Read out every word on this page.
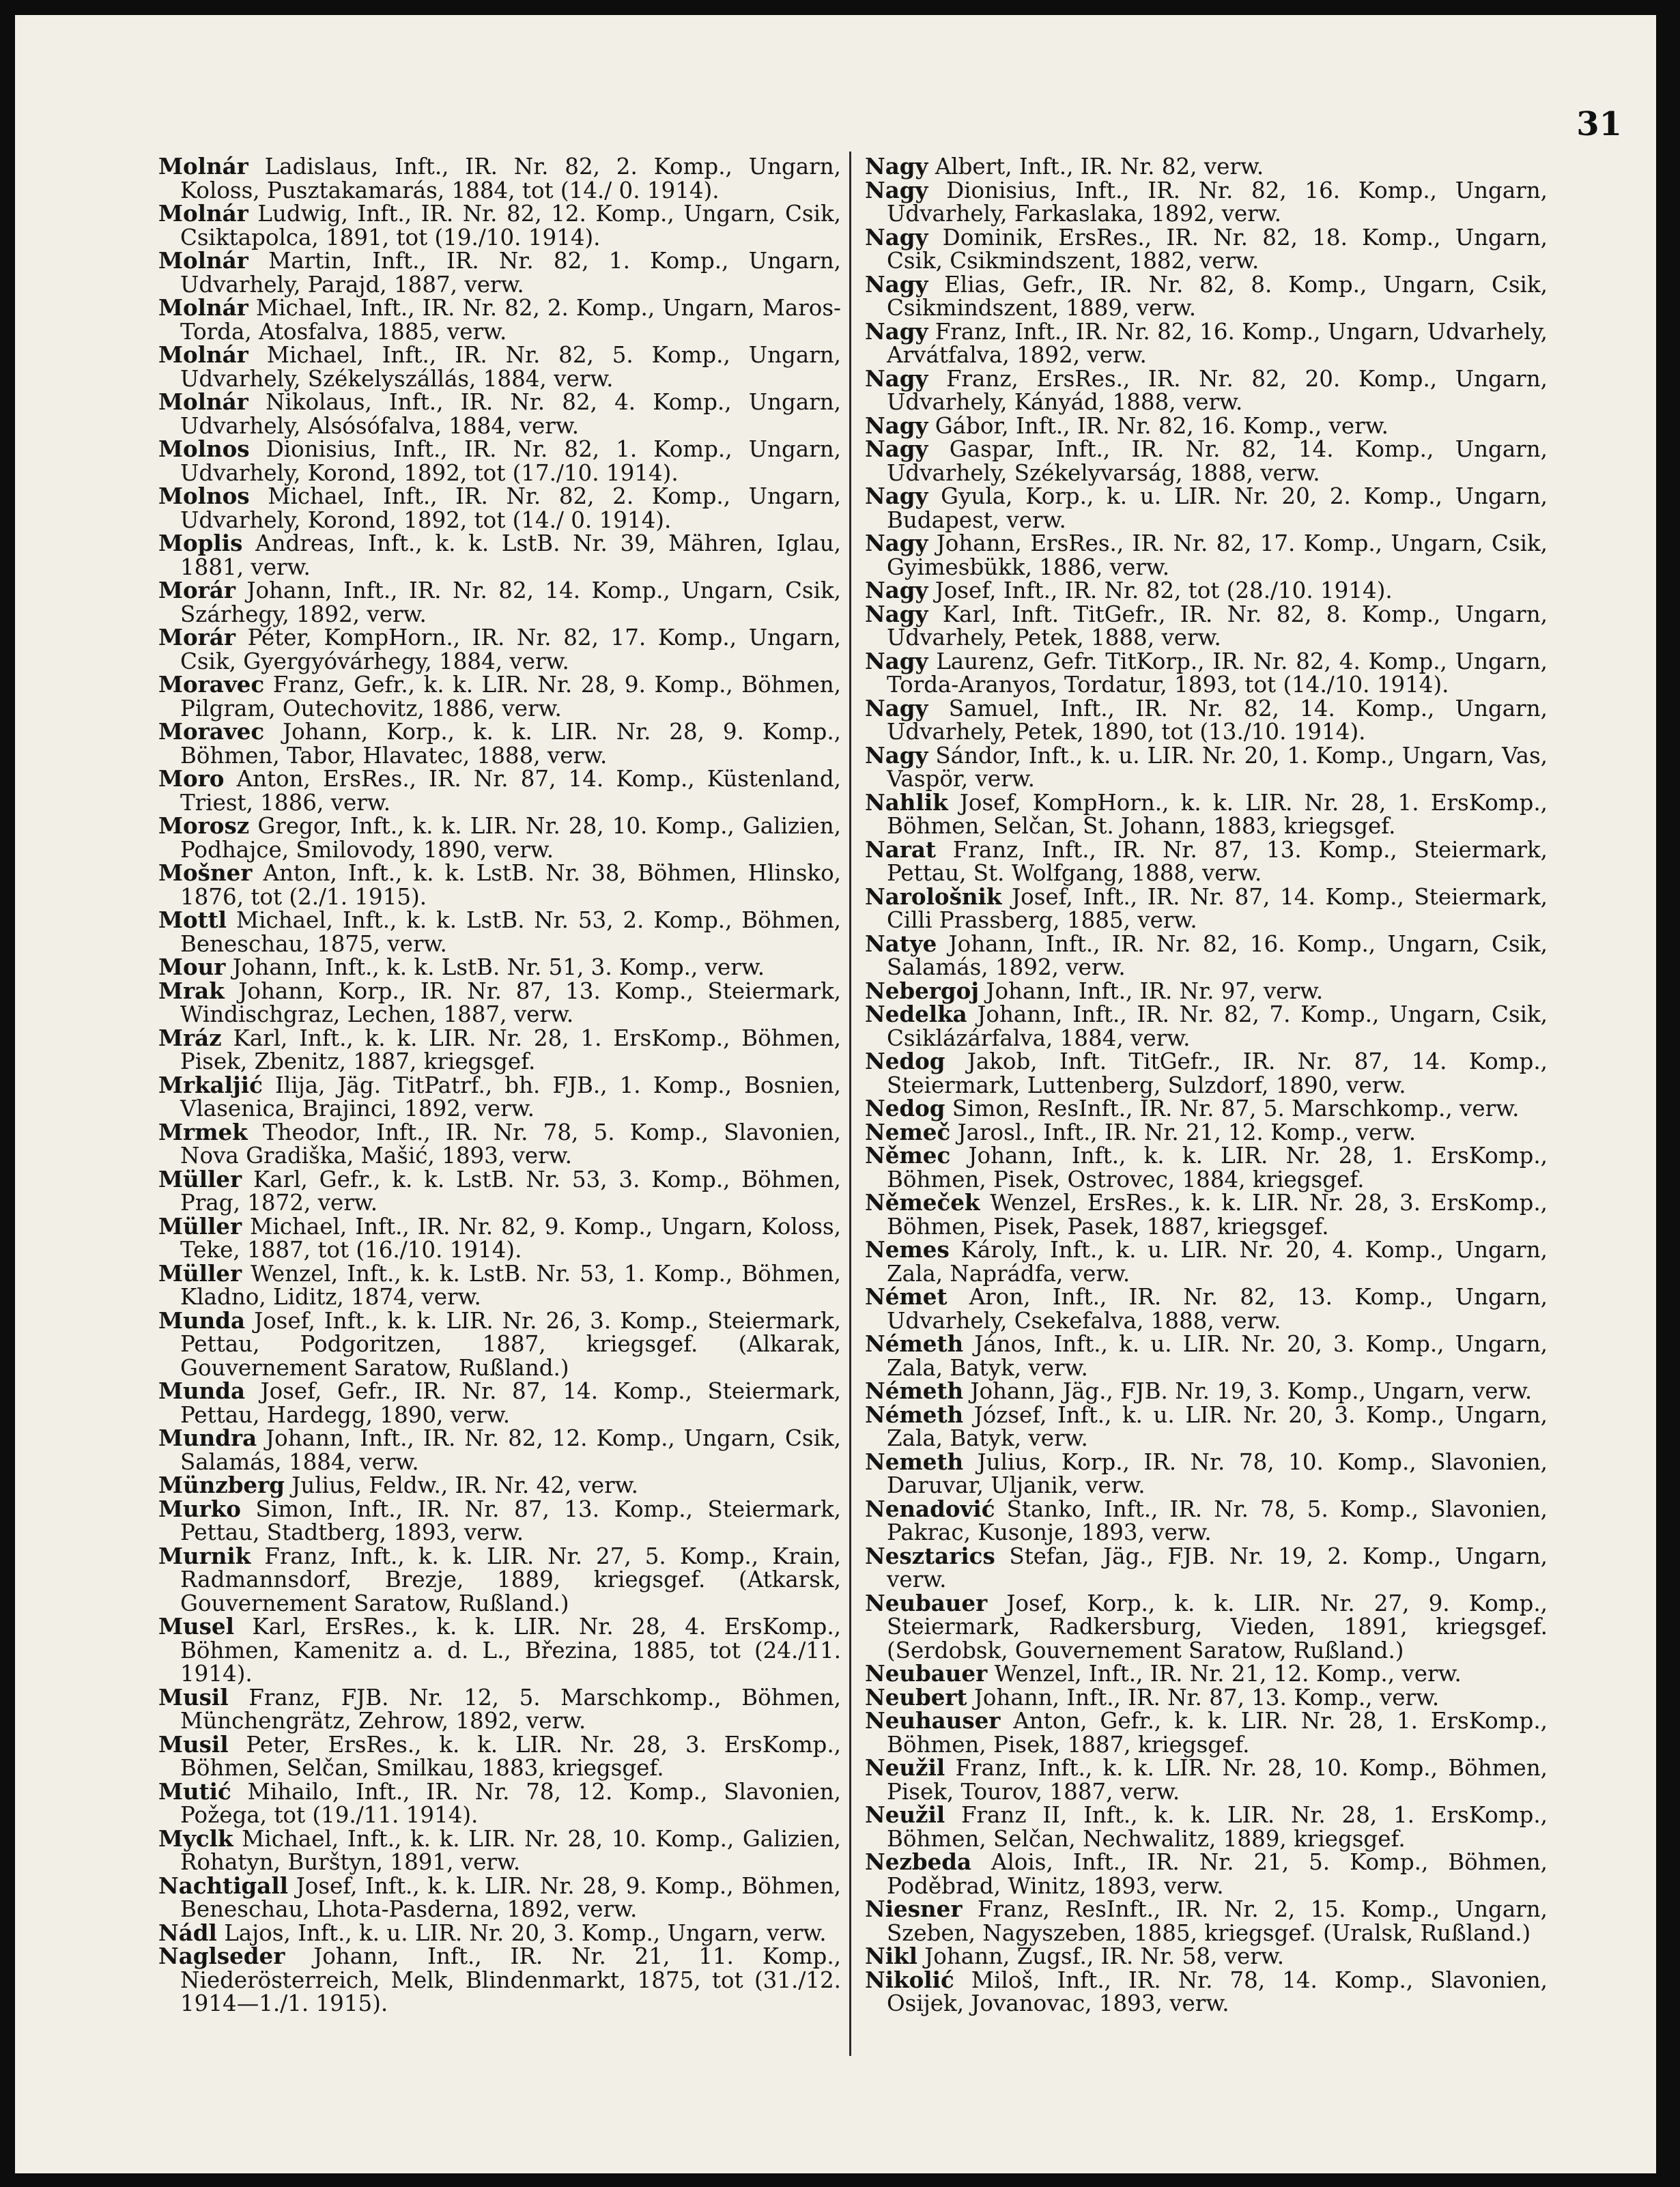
31

Molnár Ladislaus, Inft., IR. Nr. 82, 2. Komp., Ungarn, Koloss, Pusztakamarás, 1884, tot (14./ 0. 1914).

Molnár Ludwig, Inft., IR. Nr. 82, 12. Komp., Ungarn, Csik, Csiktapolca, 1891, tot (19./10. 1914).

Molnár Martin, Inft., IR. Nr. 82, 1. Komp., Ungarn, Udvarhely, Parajd, 1887, verw.

Molnár Michael, Inft., IR. Nr. 82, 2. Komp., Ungarn, Maros-Torda, Atosfalva, 1885, verw.

Molnár Michael, Inft., IR. Nr. 82, 5. Komp., Ungarn, Udvarhely, Székelyszállás, 1884, verw.

Molnár Nikolaus, Inft., IR. Nr. 82, 4. Komp., Ungarn, Udvarhely, Alsósófalva, 1884, verw.

Molnos Dionisius, Inft., IR. Nr. 82, 1. Komp., Ungarn, Udvarhely, Korond, 1892, tot (17./10. 1914).

Molnos Michael, Inft., IR. Nr. 82, 2. Komp., Ungarn, Udvarhely, Korond, 1892, tot (14./ 0. 1914).

Moplis Andreas, Inft., k. k. LstB. Nr. 39, Mähren, Iglau, 1881, verw.

Morár Johann, Inft., IR. Nr. 82, 14. Komp., Ungarn, Csik, Szárhegy, 1892, verw.

Morár Péter, KompHorn., IR. Nr. 82, 17. Komp., Ungarn, Csik, Gyergyóvárhegy, 1884, verw.

Moravec Franz, Gefr., k. k. LIR. Nr. 28, 9. Komp., Böhmen, Pilgram, Outechovitz, 1886, verw.

Moravec Johann, Korp., k. k. LIR. Nr. 28, 9. Komp., Böhmen, Tabor, Hlavatec, 1888, verw.

Moro Anton, ErsRes., IR. Nr. 87, 14. Komp., Küstenland, Triest, 1886, verw.

Morosz Gregor, Inft., k. k. LIR. Nr. 28, 10. Komp., Galizien, Podhajce, Smilovody, 1890, verw.

Mošner Anton, Inft., k. k. LstB. Nr. 38, Böhmen, Hlinsko, 1876, tot (2./1. 1915).

Mottl Michael, Inft., k. k. LstB. Nr. 53, 2. Komp., Böhmen, Beneschau, 1875, verw.

Mour Johann, Inft., k. k. LstB. Nr. 51, 3. Komp., verw.

Mrak Johann, Korp., IR. Nr. 87, 13. Komp., Steiermark, Windischgraz, Lechen, 1887, verw.

Mráz Karl, Inft., k. k. LIR. Nr. 28, 1. ErsKomp., Böhmen, Pisek, Zbenitz, 1887, kriegsgef.

Mrkaljić Ilija, Jäg. TitPatrf., bh. FJB., 1. Komp., Bosnien, Vlasenica, Brajinci, 1892, verw.

Mrmek Theodor, Inft., IR. Nr. 78, 5. Komp., Slavonien, Nova Gradiška, Mašić, 1893, verw.

Müller Karl, Gefr., k. k. LstB. Nr. 53, 3. Komp., Böhmen, Prag, 1872, verw.

Müller Michael, Inft., IR. Nr. 82, 9. Komp., Ungarn, Koloss, Teke, 1887, tot (16./10. 1914).

Müller Wenzel, Inft., k. k. LstB. Nr. 53, 1. Komp., Böhmen, Kladno, Liditz, 1874, verw.

Munda Josef, Inft., k. k. LIR. Nr. 26, 3. Komp., Steiermark, Pettau, Podgoritzen, 1887, kriegsgef. (Alkarak, Gouvernement Saratow, Rußland.)

Munda Josef, Gefr., IR. Nr. 87, 14. Komp., Steiermark, Pettau, Hardegg, 1890, verw.

Mundra Johann, Inft., IR. Nr. 82, 12. Komp., Ungarn, Csik, Salamás, 1884, verw.

Münzberg Julius, Feldw., IR. Nr. 42, verw.

Murko Simon, Inft., IR. Nr. 87, 13. Komp., Steiermark, Pettau, Stadtberg, 1893, verw.

Murnik Franz, Inft., k. k. LIR. Nr. 27, 5. Komp., Krain, Radmannsdorf, Brezje, 1889, kriegsgef. (Atkarsk, Gouvernement Saratow, Rußland.)

Musel Karl, ErsRes., k. k. LIR. Nr. 28, 4. ErsKomp., Böhmen, Kamenitz a. d. L., Březina, 1885, tot (24./11. 1914).

Musil Franz, FJB. Nr. 12, 5. Marschkomp., Böhmen, Münchengrätz, Zehrow, 1892, verw.

Musil Peter, ErsRes., k. k. LIR. Nr. 28, 3. ErsKomp., Böhmen, Selčan, Smilkau, 1883, kriegsgef.

Mutić Mihailo, Inft., IR. Nr. 78, 12. Komp., Slavonien, Požega, tot (19./11. 1914).

Myclk Michael, Inft., k. k. LIR. Nr. 28, 10. Komp., Galizien, Rohatyn, Burštyn, 1891, verw.

Nachtigall Josef, Inft., k. k. LIR. Nr. 28, 9. Komp., Böhmen, Beneschau, Lhota-Pasderna, 1892, verw.

Nádl Lajos, Inft., k. u. LIR. Nr. 20, 3. Komp., Ungarn, verw.

Naglseder Johann, Inft., IR. Nr. 21, 11. Komp., Niederösterreich, Melk, Blindenmarkt, 1875, tot (31./12. 1914—1./1. 1915).

Nagy Albert, Inft., IR. Nr. 82, verw.

Nagy Dionisius, Inft., IR. Nr. 82, 16. Komp., Ungarn, Udvarhely, Farkaslaka, 1892, verw.

Nagy Dominik, ErsRes., IR. Nr. 82, 18. Komp., Ungarn, Csik, Csikmindszent, 1882, verw.

Nagy Elias, Gefr., IR. Nr. 82, 8. Komp., Ungarn, Csik, Csikmindszent, 1889, verw.

Nagy Franz, Inft., IR. Nr. 82, 16. Komp., Ungarn, Udvarhely, Arvátfalva, 1892, verw.

Nagy Franz, ErsRes., IR. Nr. 82, 20. Komp., Ungarn, Udvarhely, Kányád, 1888, verw.

Nagy Gábor, Inft., IR. Nr. 82, 16. Komp., verw.

Nagy Gaspar, Inft., IR. Nr. 82, 14. Komp., Ungarn, Udvarhely, Székelyvarság, 1888, verw.

Nagy Gyula, Korp., k. u. LIR. Nr. 20, 2. Komp., Ungarn, Budapest, verw.

Nagy Johann, ErsRes., IR. Nr. 82, 17. Komp., Ungarn, Csik, Gyimesbükk, 1886, verw.

Nagy Josef, Inft., IR. Nr. 82, tot (28./10. 1914).

Nagy Karl, Inft. TitGefr., IR. Nr. 82, 8. Komp., Ungarn, Udvarhely, Petek, 1888, verw.

Nagy Laurenz, Gefr. TitKorp., IR. Nr. 82, 4. Komp., Ungarn, Torda-Aranyos, Tordatur, 1893, tot (14./10. 1914).

Nagy Samuel, Inft., IR. Nr. 82, 14. Komp., Ungarn, Udvarhely, Petek, 1890, tot (13./10. 1914).

Nagy Sándor, Inft., k. u. LIR. Nr. 20, 1. Komp., Ungarn, Vas, Vaspör, verw.

Nahlik Josef, KompHorn., k. k. LIR. Nr. 28, 1. ErsKomp., Böhmen, Selčan, St. Johann, 1883, kriegsgef.

Narat Franz, Inft., IR. Nr. 87, 13. Komp., Steiermark, Pettau, St. Wolfgang, 1888, verw.

Narološnik Josef, Inft., IR. Nr. 87, 14. Komp., Steiermark, Cilli Prassberg, 1885, verw.

Natye Johann, Inft., IR. Nr. 82, 16. Komp., Ungarn, Csik, Salamás, 1892, verw.

Nebergoj Johann, Inft., IR. Nr. 97, verw.

Nedelka Johann, Inft., IR. Nr. 82, 7. Komp., Ungarn, Csik, Csiklázárfalva, 1884, verw.

Nedog Jakob, Inft. TitGefr., IR. Nr. 87, 14. Komp., Steiermark, Luttenberg, Sulzdorf, 1890, verw.

Nedog Simon, ResInft., IR. Nr. 87, 5. Marschkomp., verw.

Nemeč Jarosl., Inft., IR. Nr. 21, 12. Komp., verw.

Němec Johann, Inft., k. k. LIR. Nr. 28, 1. ErsKomp., Böhmen, Pisek, Ostrovec, 1884, kriegsgef.

Němeček Wenzel, ErsRes., k. k. LIR. Nr. 28, 3. ErsKomp., Böhmen, Pisek, Pasek, 1887, kriegsgef.

Nemes Károly, Inft., k. u. LIR. Nr. 20, 4. Komp., Ungarn, Zala, Naprádfa, verw.

Német Aron, Inft., IR. Nr. 82, 13. Komp., Ungarn, Udvarhely, Csekefalva, 1888, verw.

Németh János, Inft., k. u. LIR. Nr. 20, 3. Komp., Ungarn, Zala, Batyk, verw.

Németh Johann, Jäg., FJB. Nr. 19, 3. Komp., Ungarn, verw.

Németh József, Inft., k. u. LIR. Nr. 20, 3. Komp., Ungarn, Zala, Batyk, verw.

Nemeth Julius, Korp., IR. Nr. 78, 10. Komp., Slavonien, Daruvar, Uljanik, verw.

Nenadović Stanko, Inft., IR. Nr. 78, 5. Komp., Slavonien, Pakrac, Kusonje, 1893, verw.

Nesztarics Stefan, Jäg., FJB. Nr. 19, 2. Komp., Ungarn, verw.

Neubauer Josef, Korp., k. k. LIR. Nr. 27, 9. Komp., Steiermark, Radkersburg, Vieden, 1891, kriegsgef. (Serdobsk, Gouvernement Saratow, Rußland.)

Neubauer Wenzel, Inft., IR. Nr. 21, 12. Komp., verw.

Neubert Johann, Inft., IR. Nr. 87, 13. Komp., verw.

Neuhauser Anton, Gefr., k. k. LIR. Nr. 28, 1. ErsKomp., Böhmen, Pisek, 1887, kriegsgef.

Neužil Franz, Inft., k. k. LIR. Nr. 28, 10. Komp., Böhmen, Pisek, Tourov, 1887, verw.

Neužil Franz II, Inft., k. k. LIR. Nr. 28, 1. ErsKomp., Böhmen, Selčan, Nechwalitz, 1889, kriegsgef.

Nezbeda Alois, Inft., IR. Nr. 21, 5. Komp., Böhmen, Poděbrad, Winitz, 1893, verw.

Niesner Franz, ResInft., IR. Nr. 2, 15. Komp., Ungarn, Szeben, Nagyszeben, 1885, kriegsgef. (Uralsk, Rußland.)

Nikl Johann, Zugsf., IR. Nr. 58, verw.

Nikolić Miloš, Inft., IR. Nr. 78, 14. Komp., Slavonien, Osijek, Jovanovac, 1893, verw.
